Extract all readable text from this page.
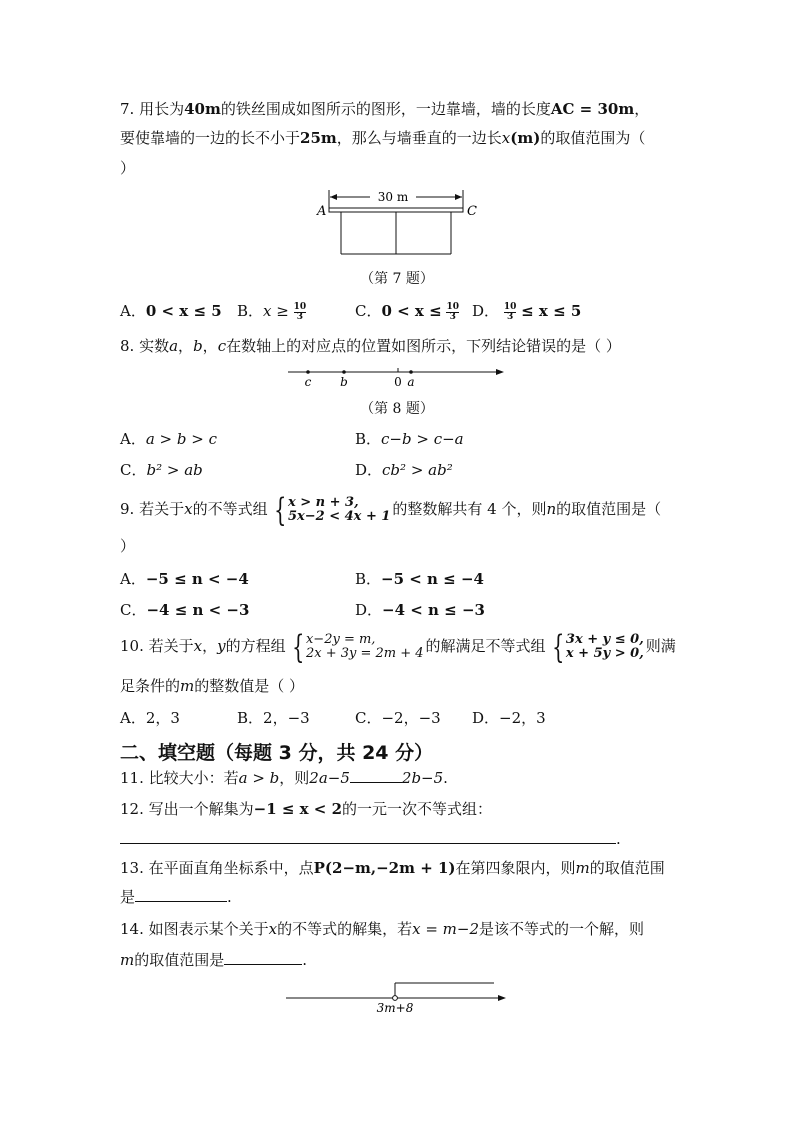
7. 用长为40m的铁丝围成如图所示的图形，一边靠墙，墙的长度AC = 30m，
要使靠墙的一边的长不小于25m，那么与墙垂直的一边长x(m)的取值范围为（
）
30 m
A	C
（第 7 题）
A．0 < x ≤ 5 B．$x \ge \frac{10}{3}$	C．$0 < x \le \frac{10}{3}$ D． $\frac{10}{3} \le x \le 5$
8. 实数a，b，c在数轴上的对应点的位置如图所示，下列结论错误的是（ ）
c b	0 a
（第 8 题）
A．a > b > c	B．c−b > c−a
C．b² > ab	D．cb² > ab²
9. 若关于x的不等式组 { x > n + 3,
5x−2 < 4x + 1 的整数解共有 4 个，则n的取值范围是（
）
A．−5 ≤ n < −4	B．−5 < n ≤ −4
C．−4 ≤ n < −3	D．−4 < n ≤ −3
10. 若关于x，y的方程组 { x−2y = m,
2x + 3y = 2m + 4 的解满足不等式组 { 3x + y ≤ 0,
x + 5y > 0, 则满
足条件的m的整数值是（ ）
A．2，3	B．2，−3	C．−2，−3 D．−2，3
二、填空题（每题 3 分，共 24 分）
11. 比较大小：若a > b，则2a−5	2b−5.
12. 写出一个解集为−1 ≤ x < 2的一元一次不等式组：
.
13. 在平面直角坐标系中，点P(2−m,−2m + 1)在第四象限内，则m的取值范围
是	.
14. 如图表示某个关于x的不等式的解集，若x = m−2是该不等式的一个解，则
m的取值范围是	.
3m+8
